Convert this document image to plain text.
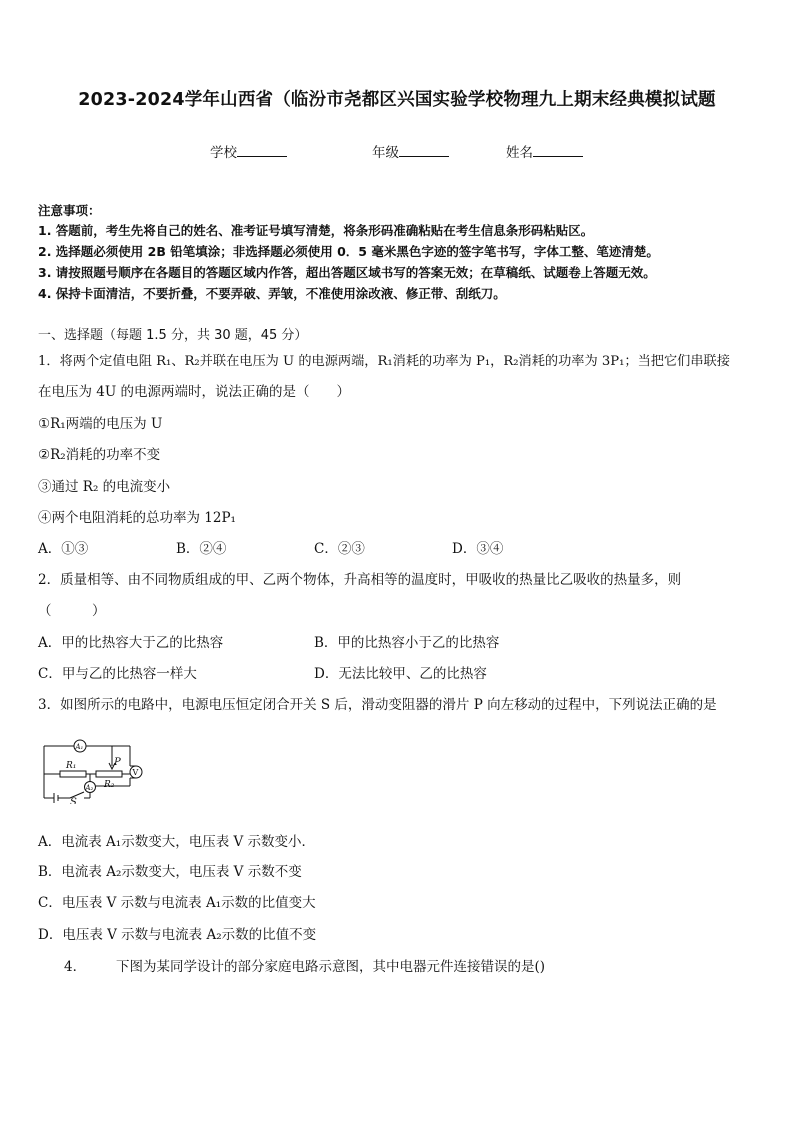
2023-2024学年山西省（临汾市尧都区兴国实验学校物理九上期末经典模拟试题
学校	年级	姓名
注意事项：
1. 答题前，考生先将自己的姓名、准考证号填写清楚，将条形码准确粘贴在考生信息条形码粘贴区。
2. 选择题必须使用 2B 铅笔填涂；非选择题必须使用 0．5 毫米黑色字迹的签字笔书写，字体工整、笔迹清楚。
3. 请按照题号顺序在各题目的答题区域内作答，超出答题区域书写的答案无效；在草稿纸、试题卷上答题无效。
4. 保持卡面清洁，不要折叠，不要弄破、弄皱，不准使用涂改液、修正带、刮纸刀。
一、选择题（每题 1.5 分，共 30 题，45 分）
1．将两个定值电阻 R₁、R₂并联在电压为 U 的电源两端，R₁消耗的功率为 P₁，R₂消耗的功率为 3P₁；当把它们串联接
在电压为 4U 的电源两端时，说法正确的是（　　）
①R₁两端的电压为 U
②R₂消耗的功率不变
③通过 R₂ 的电流变小
④两个电阻消耗的总功率为 12P₁
A．①③	B．②④	C．②③	D．③④
2．质量相等、由不同物质组成的甲、乙两个物体，升高相等的温度时，甲吸收的热量比乙吸收的热量多，则
（　　　）
A．甲的比热容大于乙的比热容	B．甲的比热容小于乙的比热容
C．甲与乙的比热容一样大	D．无法比较甲、乙的比热容
3．如图所示的电路中，电源电压恒定闭合开关 S 后，滑动变阻器的滑片 P 向左移动的过程中，下列说法正确的是
A₁
A₂
V
R₁
R₂
P
S
A．电流表 A₁示数变大，电压表 V 示数变小．
B．电流表 A₂示数变大，电压表 V 示数不变
C．电压表 V 示数与电流表 A₁示数的比值变大
D．电压表 V 示数与电流表 A₂示数的比值不变
4． 下图为某同学设计的部分家庭电路示意图，其中电器元件连接错误的是()
